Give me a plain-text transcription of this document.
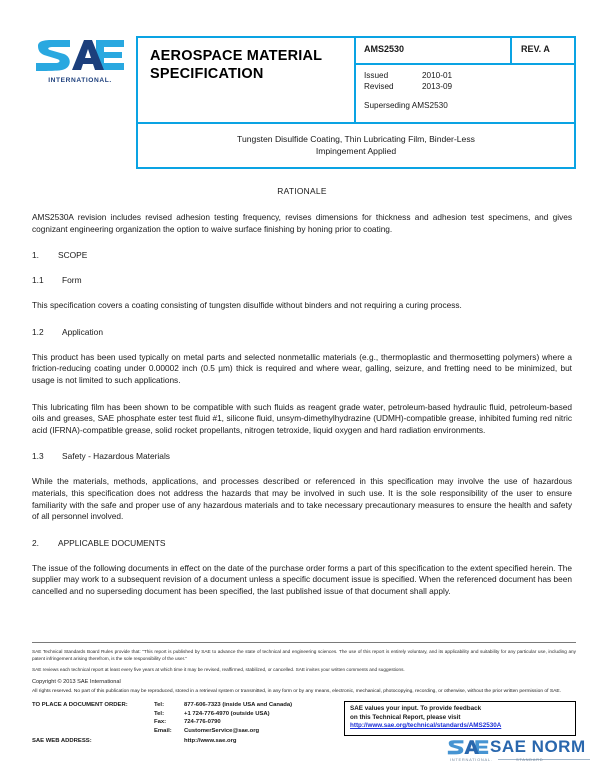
INTERNATIONAL.
AEROSPACE MATERIAL
SPECIFICATION
AMS2530	REV. A
Issued	2010-01
Revised	2013-09
Superseding AMS2530
Tungsten Disulfide Coating, Thin Lubricating Film, Binder-Less
Impingement Applied
RATIONALE

AMS2530A revision includes revised adhesion testing frequency, revises dimensions for thickness and adhesion test specimens, and gives cognizant engineering organization the option to waive surface finishing by honing prior to coating.

1.	SCOPE
1.1	Form

This specification covers a coating consisting of tungsten disulfide without binders and not requiring a curing process.

1.2	Application

This product has been used typically on metal parts and selected nonmetallic materials (e.g., thermoplastic and thermosetting polymers) where a friction-reducing coating under 0.00002 inch (0.5 µm) thick is required and where wear, galling, seizure, and fretting need to be minimized, but usage is not limited to such applications.

This lubricating film has been shown to be compatible with such fluids as reagent grade water, petroleum-based hydraulic fluid, petroleum-based oils and greases, SAE phosphate ester test fluid #1, silicone fluid, unsym-dimethylhydrazine (UDMH)-compatible grease, inhibited fuming red nitric acid (IFRNA)-compatible grease, solid rocket propellants, nitrogen tetroxide, liquid oxygen and hard radiation environments.

1.3	Safety - Hazardous Materials

While the materials, methods, applications, and processes described or referenced in this specification may involve the use of hazardous materials, this specification does not address the hazards that may be involved in such use. It is the sole responsibility of the user to ensure familiarity with the safe and proper use of any hazardous materials and to take necessary precautionary measures to ensure the health and safety of all personnel involved.

2.	APPLICABLE DOCUMENTS

The issue of the following documents in effect on the date of the purchase order forms a part of this specification to the extent specified herein. The supplier may work to a subsequent revision of a document unless a specific document issue is specified. When the referenced document has been cancelled and no superseding document has been specified, the last published issue of that document shall apply.

SAE Technical Standards Board Rules provide that: "This report is published by SAE to advance the state of technical and engineering sciences. The use of this report is entirely voluntary, and its applicability and suitability for any particular use, including any patent infringement arising therefrom, is the sole responsibility of the user."

SAE reviews each technical report at least every five years at which time it may be revised, reaffirmed, stabilized, or cancelled. SAE invites your written comments and suggestions.

Copyright © 2013 SAE International

All rights reserved. No part of this publication may be reproduced, stored in a retrieval system or transmitted, in any form or by any means, electronic, mechanical, photocopying, recording, or otherwise, without the prior written permission of SAE.

TO PLACE A DOCUMENT ORDER:	Tel:	877-606-7323 (inside USA and Canada)
Tel:	+1 724-776-4970 (outside USA)
Fax:	724-776-0790
Email:	CustomerService@sae.org
SAE WEB ADDRESS:	http://www.sae.org
SAE values your input. To provide feedback
on this Technical Report, please visit
http://www.sae.org/technical/standards/AMS2530A
SAE NORM
INTERNATIONAL.	STANDARD
